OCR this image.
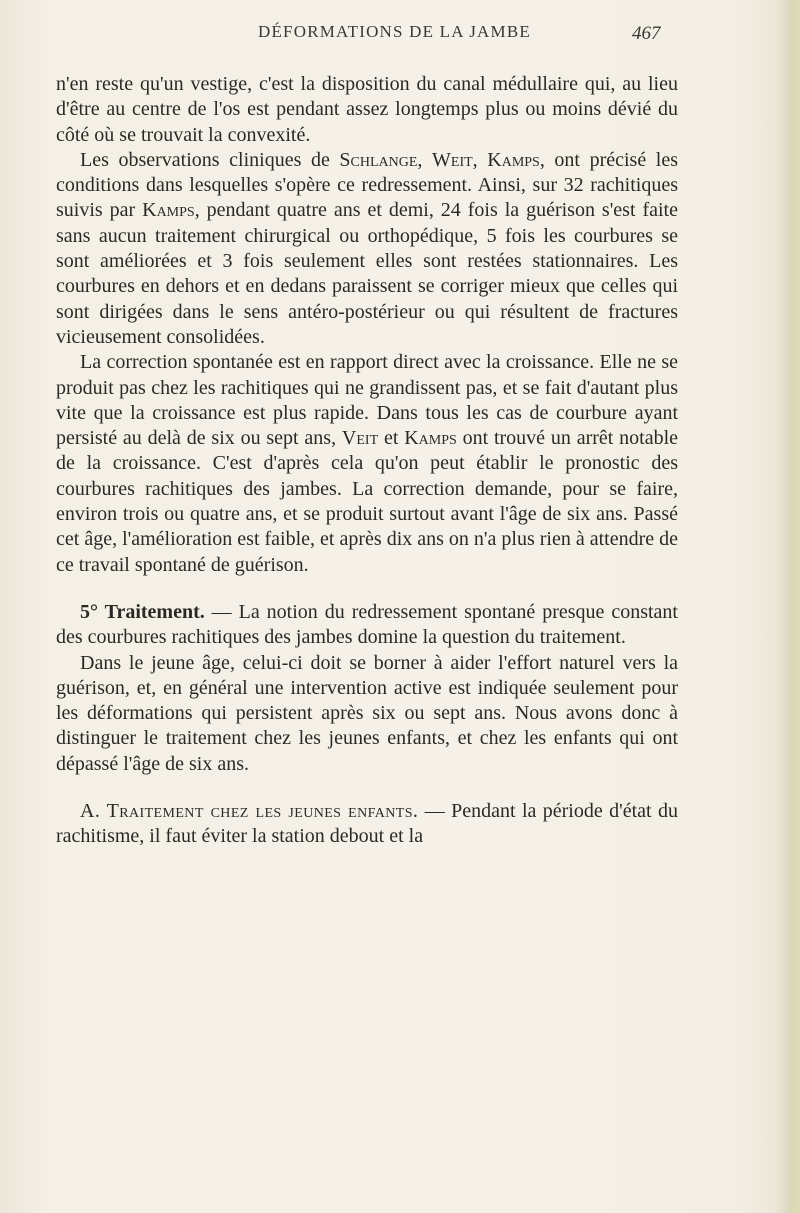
DÉFORMATIONS DE LA JAMBE	467

n'en reste qu'un vestige, c'est la disposition du canal médullaire qui, au lieu d'être au centre de l'os est pendant assez longtemps plus ou moins dévié du côté où se trouvait la convexité.

Les observations cliniques de Schlange, Weit, Kamps, ont précisé les conditions dans lesquelles s'opère ce redressement. Ainsi, sur 32 rachitiques suivis par Kamps, pendant quatre ans et demi, 24 fois la guérison s'est faite sans aucun traitement chirurgical ou orthopédique, 5 fois les courbures se sont améliorées et 3 fois seulement elles sont restées stationnaires. Les courbures en dehors et en dedans paraissent se corriger mieux que celles qui sont dirigées dans le sens antéro-postérieur ou qui résultent de fractures vicieusement consolidées.

La correction spontanée est en rapport direct avec la croissance. Elle ne se produit pas chez les rachitiques qui ne grandissent pas, et se fait d'autant plus vite que la croissance est plus rapide. Dans tous les cas de courbure ayant persisté au delà de six ou sept ans, Veit et Kamps ont trouvé un arrêt notable de la croissance. C'est d'après cela qu'on peut établir le pronostic des courbures rachitiques des jambes. La correction demande, pour se faire, environ trois ou quatre ans, et se produit surtout avant l'âge de six ans. Passé cet âge, l'amélioration est faible, et après dix ans on n'a plus rien à attendre de ce travail spontané de guérison.

5° Traitement. — La notion du redressement spontané presque constant des courbures rachitiques des jambes domine la question du traitement.

Dans le jeune âge, celui-ci doit se borner à aider l'effort naturel vers la guérison, et, en général une intervention active est indiquée seulement pour les déformations qui persistent après six ou sept ans. Nous avons donc à distinguer le traitement chez les jeunes enfants, et chez les enfants qui ont dépassé l'âge de six ans.

A. Traitement chez les jeunes enfants. — Pendant la période d'état du rachitisme, il faut éviter la station debout et la
